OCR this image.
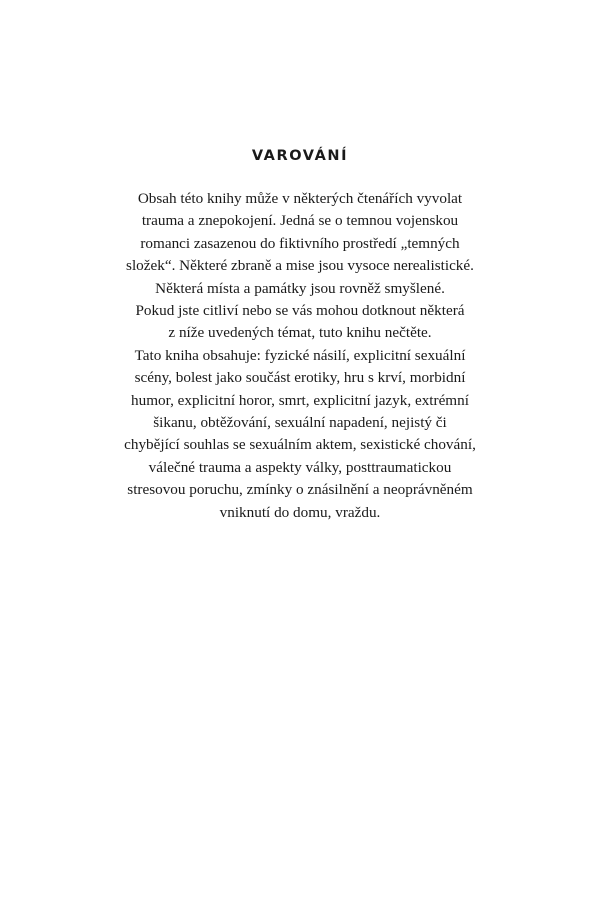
VAROVÁNÍ
Obsah této knihy může v některých čtenářích vyvolat
trauma a znepokojení. Jedná se o temnou vojenskou
romanci zasazenou do fiktivního prostředí „temných
složek“. Některé zbraně a mise jsou vysoce nerealistické.
Některá místa a památky jsou rovněž smyšlené.
Pokud jste citliví nebo se vás mohou dotknout některá
z níže uvedených témat, tuto knihu nečtěte.
Tato kniha obsahuje: fyzické násilí, explicitní sexuální
scény, bolest jako součást erotiky, hru s krví, morbidní
humor, explicitní horor, smrt, explicitní jazyk, extrémní
šikanu, obtěžování, sexuální napadení, nejistý či
chybějící souhlas se sexuálním aktem, sexistické chování,
válečné trauma a aspekty války, posttraumatickou
stresovou poruchu, zmínky o znásilnění a neoprávněném
vniknutí do domu, vraždu.
